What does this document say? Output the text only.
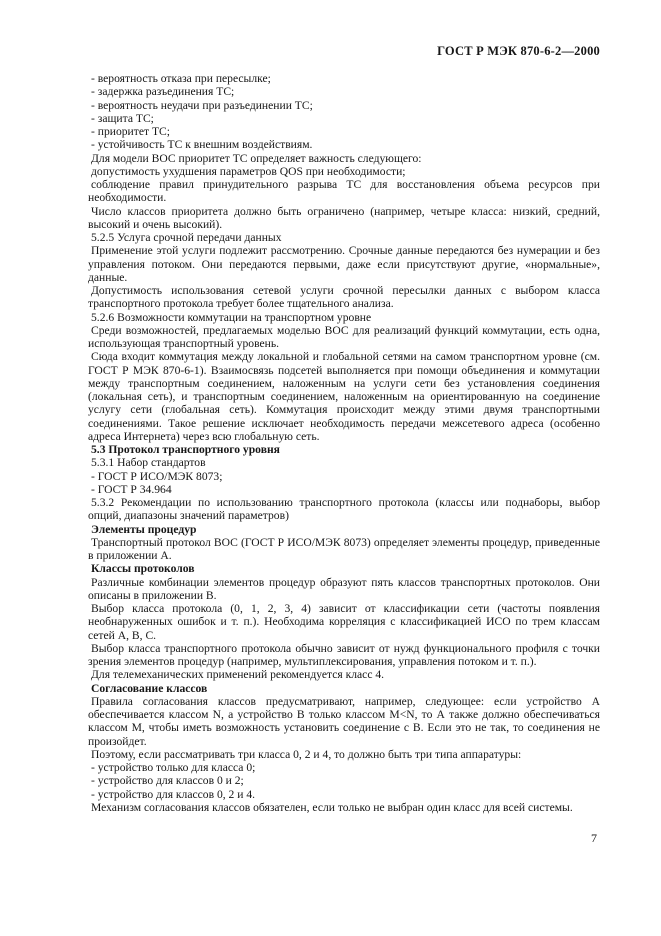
ГОСТ Р МЭК 870-6-2—2000

- вероятность отказа при пересылке;

- задержка разъединения ТС;

- вероятность неудачи при разъединении ТС;

- защита ТС;

- приоритет ТС;

- устойчивость ТС к внешним воздействиям.

Для модели ВОС приоритет ТС определяет важность следующего:

допустимость ухудшения параметров QOS при необходимости;

соблюдение правил принудительного разрыва ТС для восстановления объема ресурсов при необходимости.

Число классов приоритета должно быть ограничено (например, четыре класса: низкий, средний, высокий и очень высокий).

5.2.5 Услуга срочной передачи данных

Применение этой услуги подлежит рассмотрению. Срочные данные передаются без нумерации и без управления потоком. Они передаются первыми, даже если присутствуют другие, «нормальные», данные.

Допустимость использования сетевой услуги срочной пересылки данных с выбором класса транспортного протокола требует более тщательного анализа.

5.2.6 Возможности коммутации на транспортном уровне

Среди возможностей, предлагаемых моделью ВОС для реализаций функций коммутации, есть одна, использующая транспортный уровень.

Сюда входит коммутация между локальной и глобальной сетями на самом транспортном уровне (см. ГОСТ Р МЭК 870-6-1). Взаимосвязь подсетей выполняется при помощи объединения и коммутации между транспортным соединением, наложенным на услуги сети без установления соединения (локальная сеть), и транспортным соединением, наложенным на ориентированную на соединение услугу сети (глобальная сеть). Коммутация происходит между этими двумя транспортными соединениями. Такое решение исключает необходимость передачи межсетевого адреса (особенно адреса Интернета) через всю глобальную сеть.

5.3 Протокол транспортного уровня

5.3.1 Набор стандартов

- ГОСТ Р ИСО/МЭК 8073;

- ГОСТ Р 34.964

5.3.2 Рекомендации по использованию транспортного протокола (классы или поднаборы, выбор опций, диапазоны значений параметров)

Элементы процедур

Транспортный протокол ВОС (ГОСТ Р ИСО/МЭК 8073) определяет элементы процедур, приведенные в приложении А.

Классы протоколов

Различные комбинации элементов процедур образуют пять классов транспортных протоколов. Они описаны в приложении В.

Выбор класса протокола (0, 1, 2, 3, 4) зависит от классификации сети (частоты появления необнаруженных ошибок и т. п.). Необходима корреляция с классификацией ИСО по трем классам сетей А, В, С.

Выбор класса транспортного протокола обычно зависит от нужд функционального профиля с точки зрения элементов процедур (например, мультиплексирования, управления потоком и т. п.).

Для телемеханических применений рекомендуется класс 4.

Согласование классов

Правила согласования классов предусматривают, например, следующее: если устройство А обеспечивается классом N, а устройство В только классом M<N, то А также должно обеспечиваться классом М, чтобы иметь возможность установить соединение с В. Если это не так, то соединения не произойдет.

Поэтому, если рассматривать три класса 0, 2 и 4, то должно быть три типа аппаратуры:

- устройство только для класса 0;

- устройство для классов 0 и 2;

- устройство для классов 0, 2 и 4.

Механизм согласования классов обязателен, если только не выбран один класс для всей системы.

7
